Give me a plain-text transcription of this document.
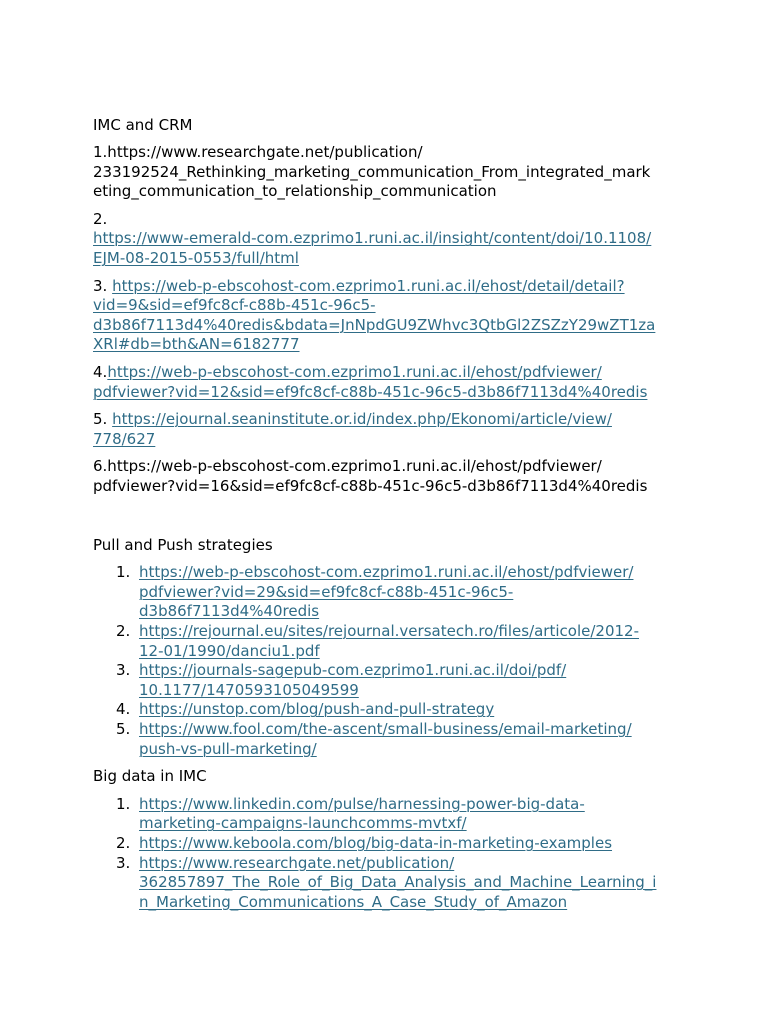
IMC and CRM
1.https://www.researchgate.net/publication/
233192524_Rethinking_marketing_communication_From_integrated_mark
eting_communication_to_relationship_communication
2.
https://www-emerald-com.ezprimo1.runi.ac.il/insight/content/doi/10.1108/
EJM-08-2015-0553/full/html
3. https://web-p-ebscohost-com.ezprimo1.runi.ac.il/ehost/detail/detail?
vid=9&sid=ef9fc8cf-c88b-451c-96c5-
d3b86f7113d4%40redis&bdata=JnNpdGU9ZWhvc3QtbGl2ZSZzY29wZT1za
XRl#db=bth&AN=6182777
4.https://web-p-ebscohost-com.ezprimo1.runi.ac.il/ehost/pdfviewer/
pdfviewer?vid=12&sid=ef9fc8cf-c88b-451c-96c5-d3b86f7113d4%40redis
5. https://ejournal.seaninstitute.or.id/index.php/Ekonomi/article/view/
778/627
6.https://web-p-ebscohost-com.ezprimo1.runi.ac.il/ehost/pdfviewer/
pdfviewer?vid=16&sid=ef9fc8cf-c88b-451c-96c5-d3b86f7113d4%40redis
Pull and Push strategies
1. https://web-p-ebscohost-com.ezprimo1.runi.ac.il/ehost/pdfviewer/
pdfviewer?vid=29&sid=ef9fc8cf-c88b-451c-96c5-
d3b86f7113d4%40redis
2. https://rejournal.eu/sites/rejournal.versatech.ro/files/articole/2012-
12-01/1990/danciu1.pdf
3. https://journals-sagepub-com.ezprimo1.runi.ac.il/doi/pdf/
10.1177/1470593105049599
4. https://unstop.com/blog/push-and-pull-strategy
5. https://www.fool.com/the-ascent/small-business/email-marketing/
push-vs-pull-marketing/
Big data in IMC
1. https://www.linkedin.com/pulse/harnessing-power-big-data-
marketing-campaigns-launchcomms-mvtxf/
2. https://www.keboola.com/blog/big-data-in-marketing-examples
3. https://www.researchgate.net/publication/
362857897_The_Role_of_Big_Data_Analysis_and_Machine_Learning_i
n_Marketing_Communications_A_Case_Study_of_Amazon
